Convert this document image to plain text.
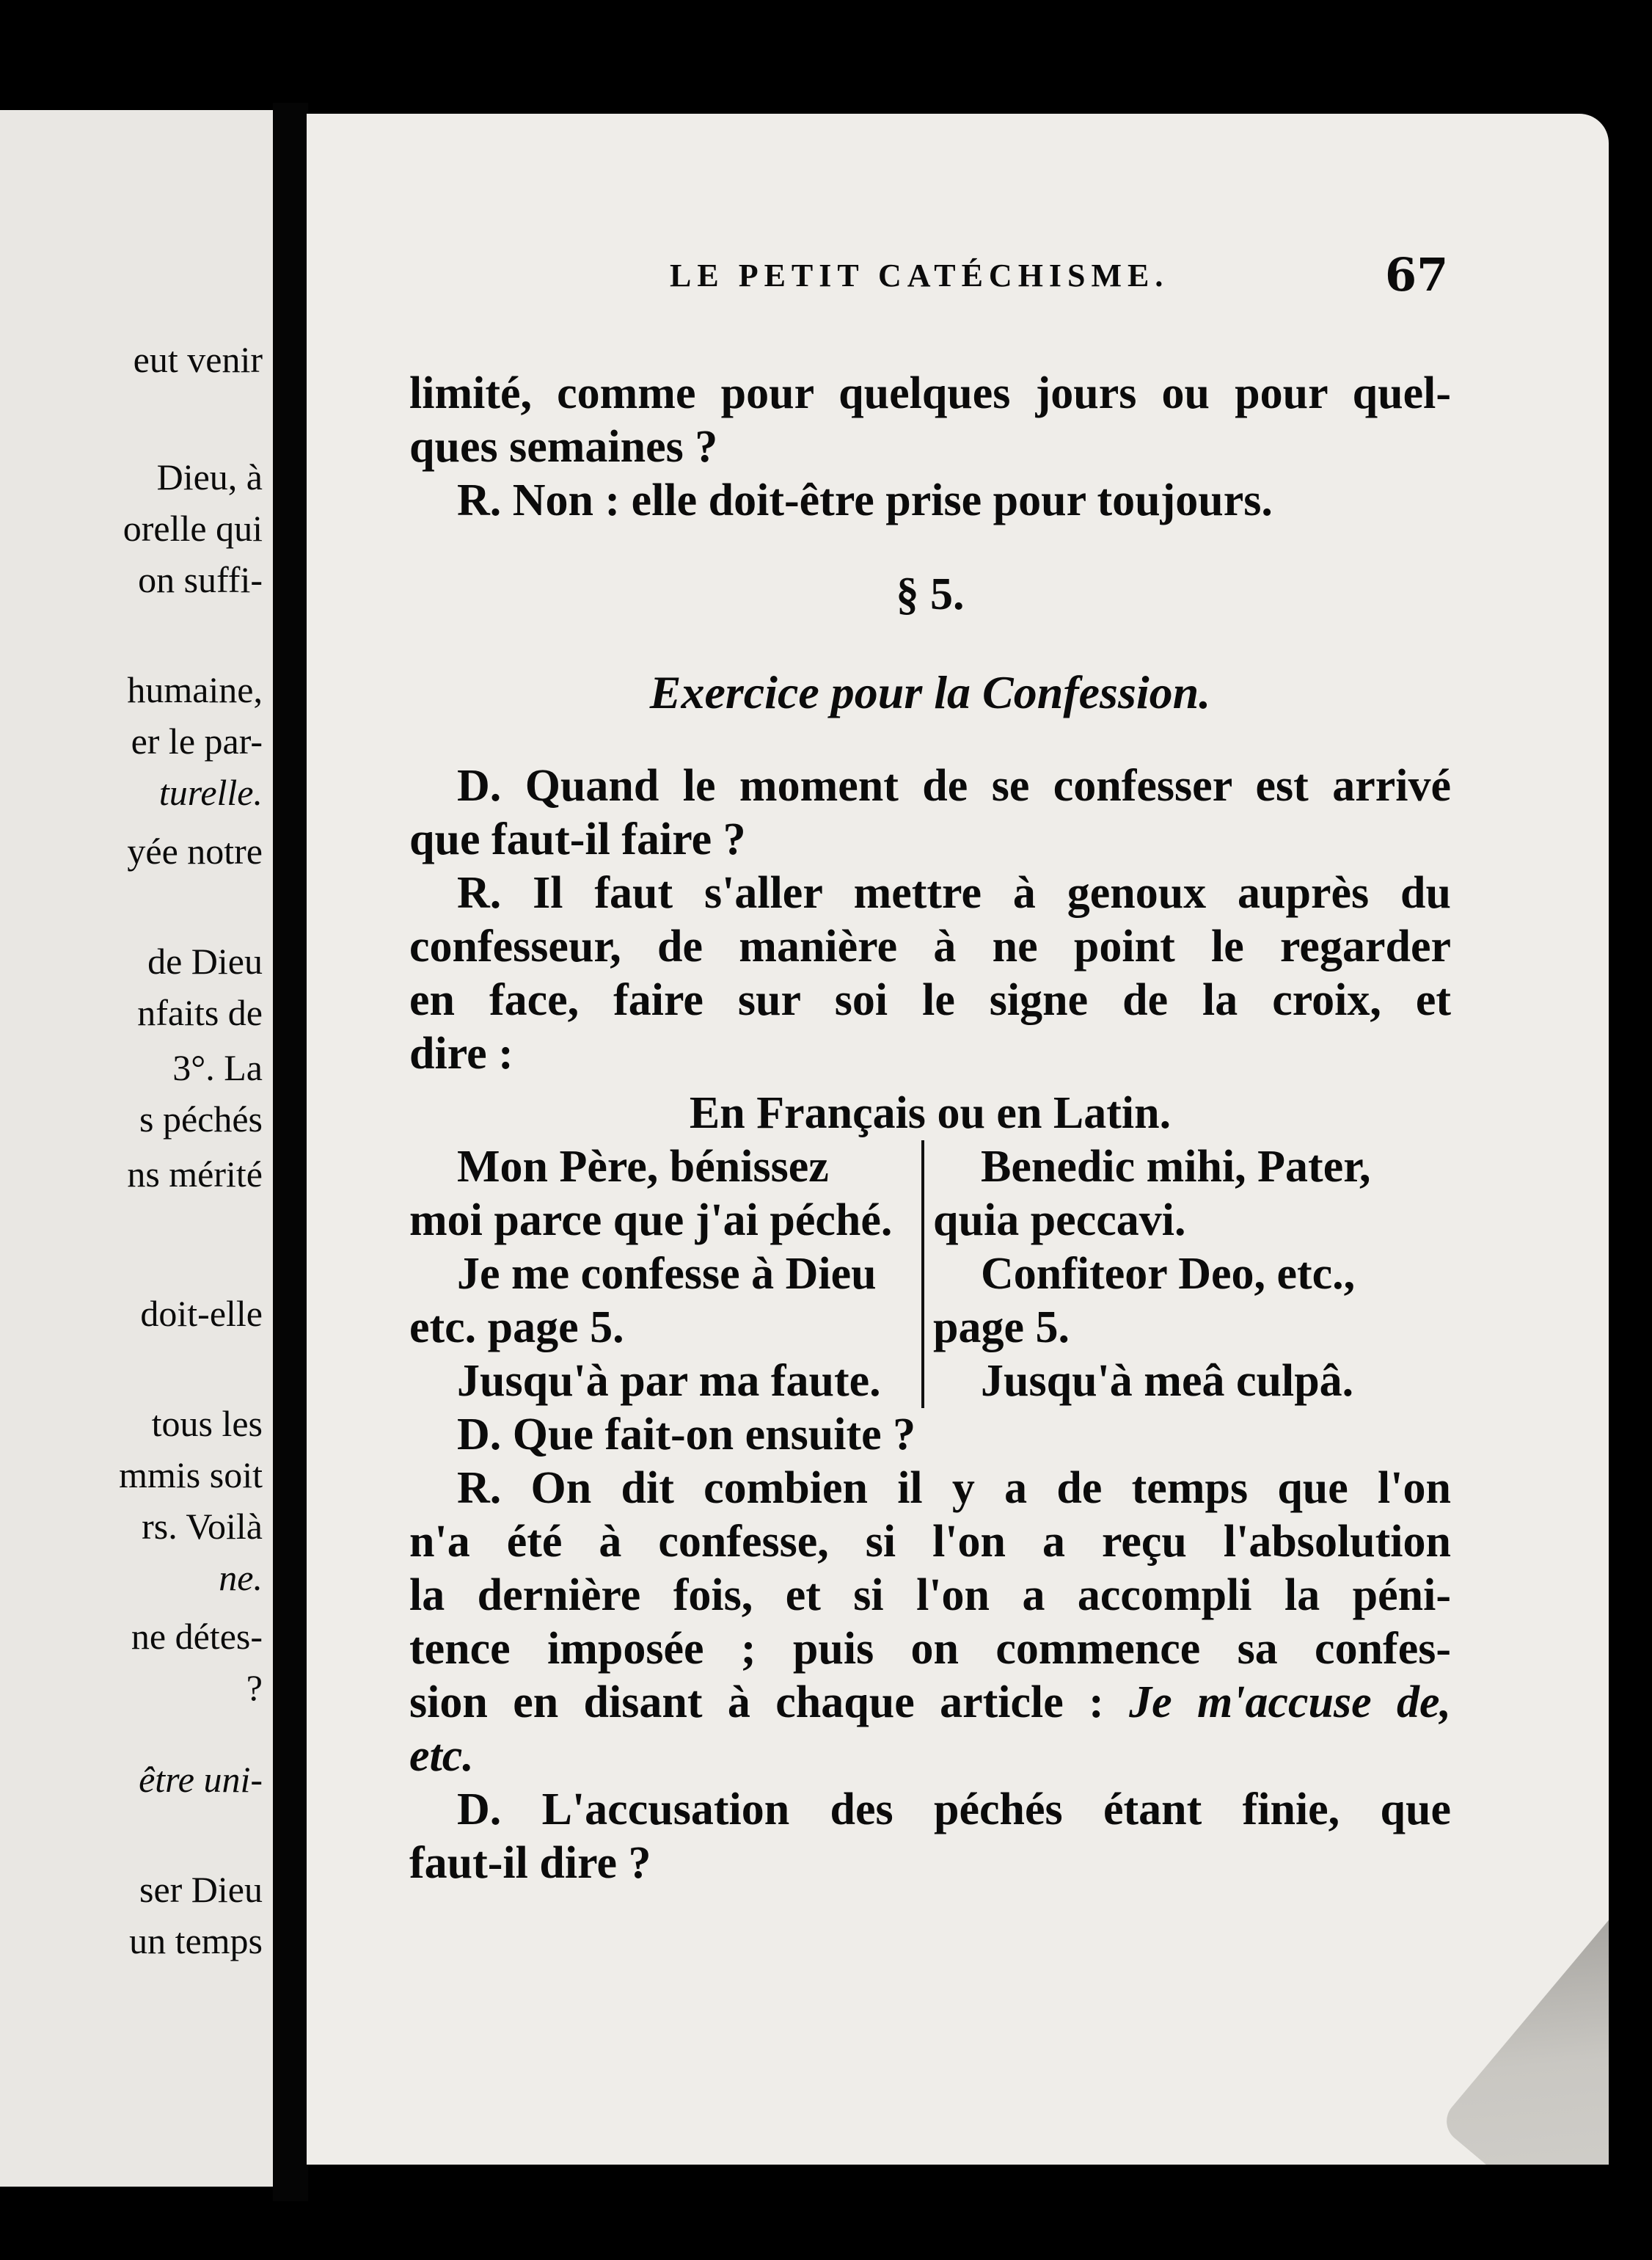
eut venir
Dieu, à
orelle qui
on suffi-
humaine,
er le par-
turelle.
yée notre
de Dieu
nfaits de
3°. La
s péchés
ns mérité
doit-elle
tous les
mmis soit
rs. Voilà
ne.
ne détes-
?
être uni-
ser Dieu
un temps
LE PETIT CATÉCHISME.	67
limité, comme pour quelques jours ou pour quel-
ques semaines ?
R. Non : elle doit-être prise pour toujours.
§ 5.
Exercice pour la Confession.
D. Quand le moment de se confesser est arrivé
que faut-il faire ?
R. Il faut s'aller mettre à genoux auprès du
confesseur, de manière à ne point le regarder
en face, faire sur soi le signe de la croix, et
dire :
En Français ou en Latin.
Mon Père, bénissez
moi parce que j'ai péché.
Je me confesse à Dieu
etc. page 5.
Jusqu'à par ma faute.
Benedic mihi, Pater,
quia peccavi.
Confiteor Deo, etc.,
page 5.
Jusqu'à meâ culpâ.
D. Que fait-on ensuite ?
R. On dit combien il y a de temps que l'on
n'a été à confesse, si l'on a reçu l'absolution
la dernière fois, et si l'on a accompli la péni-
tence imposée ; puis on commence sa confes-
sion en disant à chaque article : Je m'accuse de,
etc.
D. L'accusation des péchés étant finie, que
faut-il dire ?
